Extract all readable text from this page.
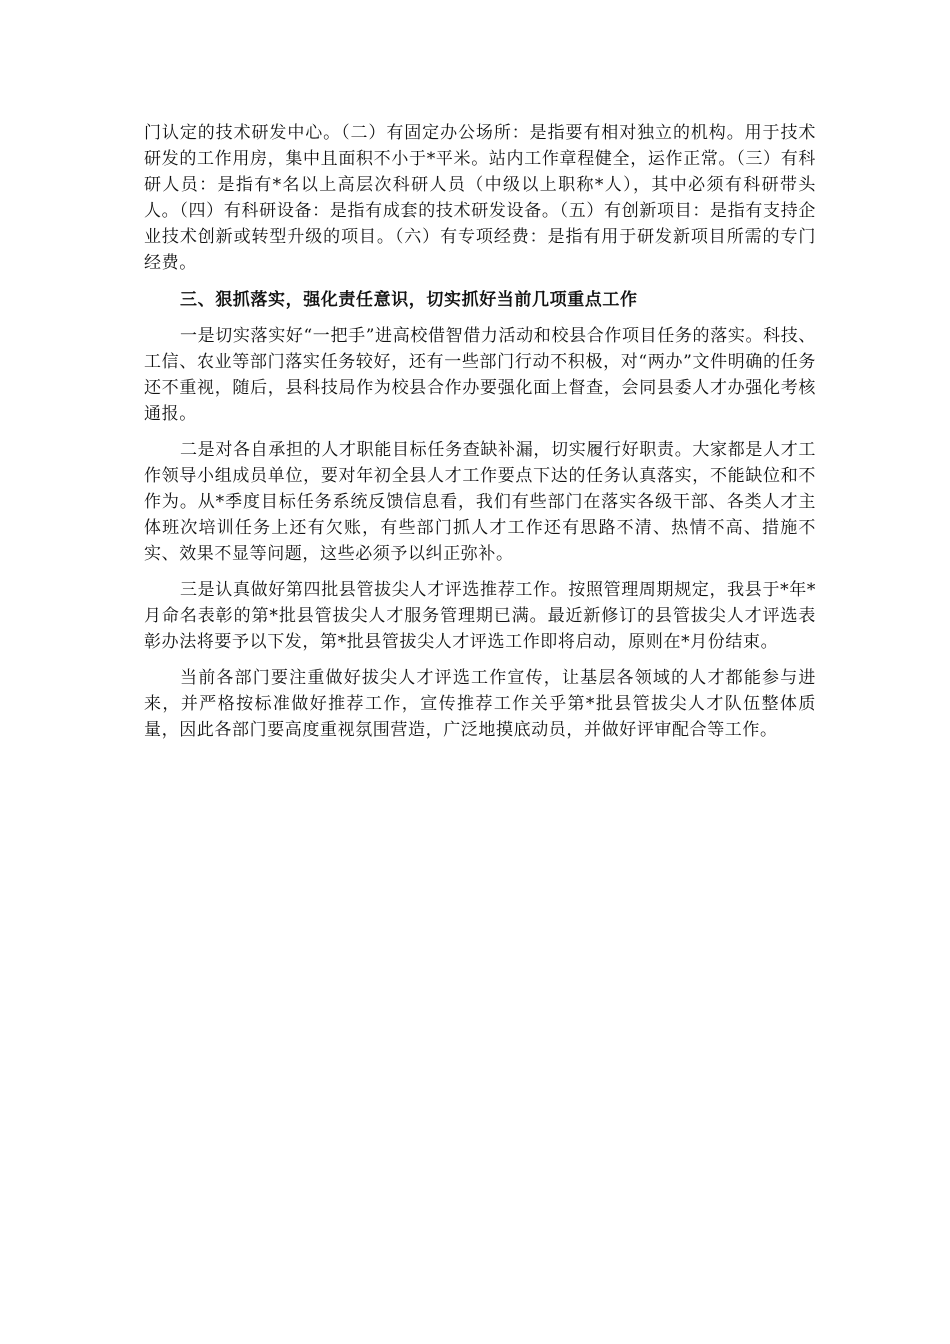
门认定的技术研发中心。（二）有固定办公场所：是指要有相对独立的机构。用于技术研发的工作用房，集中且面积不小于*平米。站内工作章程健全，运作正常。（三）有科研人员：是指有*名以上高层次科研人员（中级以上职称*人），其中必须有科研带头人。（四）有科研设备：是指有成套的技术研发设备。（五）有创新项目：是指有支持企业技术创新或转型升级的项目。（六）有专项经费：是指有用于研发新项目所需的专门经费。

三、狠抓落实，强化责任意识，切实抓好当前几项重点工作

一是切实落实好“一把手”进高校借智借力活动和校县合作项目任务的落实。科技、工信、农业等部门落实任务较好，还有一些部门行动不积极，对“两办”文件明确的任务还不重视，随后，县科技局作为校县合作办要强化面上督查，会同县委人才办强化考核通报。

二是对各自承担的人才职能目标任务查缺补漏，切实履行好职责。大家都是人才工作领导小组成员单位，要对年初全县人才工作要点下达的任务认真落实，不能缺位和不作为。从*季度目标任务系统反馈信息看，我们有些部门在落实各级干部、各类人才主体班次培训任务上还有欠账，有些部门抓人才工作还有思路不清、热情不高、措施不实、效果不显等问题，这些必须予以纠正弥补。

三是认真做好第四批县管拔尖人才评选推荐工作。按照管理周期规定，我县于*年*月命名表彰的第*批县管拔尖人才服务管理期已满。最近新修订的县管拔尖人才评选表彰办法将要予以下发，第*批县管拔尖人才评选工作即将启动，原则在*月份结束。

当前各部门要注重做好拔尖人才评选工作宣传，让基层各领域的人才都能参与进来，并严格按标准做好推荐工作，宣传推荐工作关乎第*批县管拔尖人才队伍整体质量，因此各部门要高度重视氛围营造，广泛地摸底动员，并做好评审配合等工作。
